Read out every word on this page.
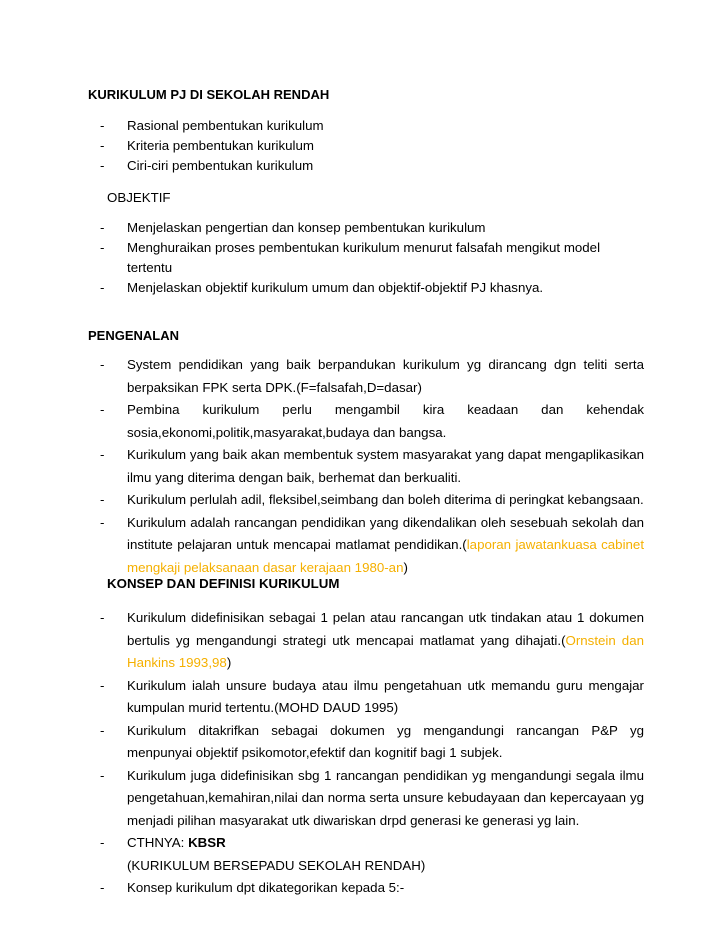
KURIKULUM PJ DI SEKOLAH RENDAH
- Rasional pembentukan kurikulum
- Kriteria pembentukan kurikulum
- Ciri-ciri pembentukan kurikulum
OBJEKTIF
- Menjelaskan pengertian dan konsep pembentukan kurikulum
- Menghuraikan proses pembentukan kurikulum menurut falsafah mengikut model tertentu
- Menjelaskan objektif kurikulum umum dan objektif-objektif PJ khasnya.
PENGENALAN
- System pendidikan yang baik berpandukan kurikulum yg dirancang dgn teliti serta berpaksikan FPK serta DPK.(F=falsafah,D=dasar)
- Pembina kurikulum perlu mengambil kira keadaan dan kehendak sosia,ekonomi,politik,masyarakat,budaya dan bangsa.
- Kurikulum yang baik akan membentuk system masyarakat yang dapat mengaplikasikan ilmu yang diterima dengan baik, berhemat dan berkualiti.
- Kurikulum perlulah adil, fleksibel,seimbang dan boleh diterima di peringkat kebangsaan.
- Kurikulum adalah rancangan pendidikan yang dikendalikan oleh sesebuah sekolah dan institute pelajaran untuk mencapai matlamat pendidikan.(laporan jawatankuasa cabinet mengkaji pelaksanaan dasar kerajaan 1980-an)
KONSEP DAN DEFINISI KURIKULUM
- Kurikulum didefinisikan sebagai 1 pelan atau rancangan utk tindakan atau 1 dokumen bertulis yg mengandungi strategi utk mencapai matlamat yang dihajati.(Ornstein dan Hankins 1993,98)
- Kurikulum ialah unsure budaya atau ilmu pengetahuan utk memandu guru mengajar kumpulan murid tertentu.(MOHD DAUD 1995)
- Kurikulum ditakrifkan sebagai dokumen yg mengandungi rancangan P&P yg menpunyai objektif psikomotor,efektif dan kognitif bagi 1 subjek.
- Kurikulum juga didefinisikan sbg 1 rancangan pendidikan yg mengandungi segala ilmu pengetahuan,kemahiran,nilai dan norma serta unsure kebudayaan dan kepercayaan yg menjadi pilihan masyarakat utk diwariskan drpd generasi ke generasi yg lain.
- CTHNYA: KBSR
(KURIKULUM BERSEPADU SEKOLAH RENDAH)
- Konsep kurikulum dpt dikategorikan kepada 5:-
